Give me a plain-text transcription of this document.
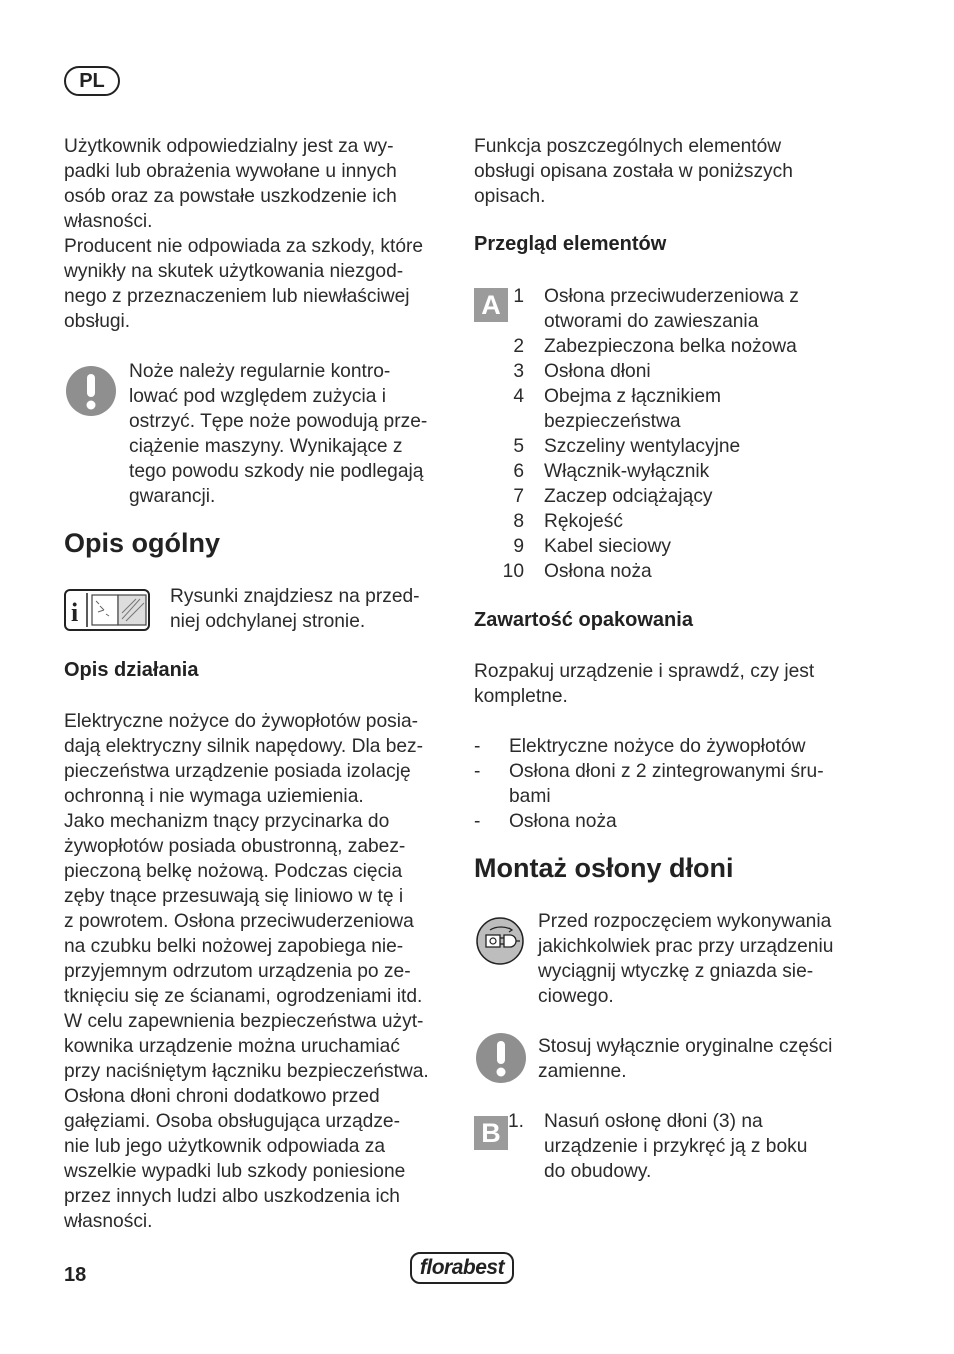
PL
Użytkownik odpowiedzialny jest za wy-
padki lub obrażenia wywołane u innych
osób oraz za powstałe uszkodzenie ich
własności.
Producent nie odpowiada za szkody, które
wynikły na skutek użytkowania niezgod-
nego z przeznaczeniem lub niewłaściwej
obsługi.
Noże należy regularnie kontro-
lować pod względem zużycia i
ostrzyć. Tępe noże powodują prze-
ciążenie maszyny. Wynikające z
tego powodu szkody nie podlegają
gwarancji.
Opis ogólny
i
Rysunki znajdziesz na przed-
niej odchylanej stronie.
Opis działania
Elektryczne nożyce do żywopłotów posia-
dają elektryczny silnik napędowy. Dla bez-
pieczeństwa urządzenie posiada izolację
ochronną i nie wymaga uziemienia.
Jako mechanizm tnący przycinarka do
żywopłotów posiada obustronną, zabez-
pieczoną belkę nożową. Podczas cięcia
zęby tnące przesuwają się liniowo w tę i
z powrotem. Osłona przeciwuderzeniowa
na czubku belki nożowej zapobiega nie-
przyjemnym odrzutom urządzenia po ze-
tknięciu się ze ścianami, ogrodzeniami itd.
W celu zapewnienia bezpieczeństwa użyt-
kownika urządzenie można uruchamiać
przy naciśniętym łączniku bezpieczeństwa.
Osłona dłoni chroni dodatkowo przed
gałęziami. Osoba obsługująca urządze-
nie lub jego użytkownik odpowiada za
wszelkie wypadki lub szkody poniesione
przez innych ludzi albo uszkodzenia ich
własności.
Funkcja poszczególnych elementów
obsługi opisana została w poniższych
opisach.
Przegląd elementów
A 1	Osłona przeciwuderzeniowa z
otworami do zawieszania
2	Zabezpieczona belka nożowa
3	Osłona dłoni
4	Obejma z łącznikiem
bezpieczeństwa
5	Szczeliny wentylacyjne
6	Włącznik-wyłącznik
7	Zaczep odciążający
8	Rękojeść
9	Kabel sieciowy
10	Osłona noża
Zawartość opakowania
Rozpakuj urządzenie i sprawdź, czy jest
kompletne.
-	Elektryczne nożyce do żywopłotów
-	Osłona dłoni z 2 zintegrowanymi śru-
bami
-	Osłona noża
Montaż osłony dłoni
Przed rozpoczęciem wykonywania
jakichkolwiek prac przy urządzeniu
wyciągnij wtyczkę z gniazda sie-
ciowego.
Stosuj wyłącznie oryginalne części
zamienne.
B 1.	Nasuń osłonę dłoni (3) na
urządzenie i przykręć ją z boku
do obudowy.
18	florabest
